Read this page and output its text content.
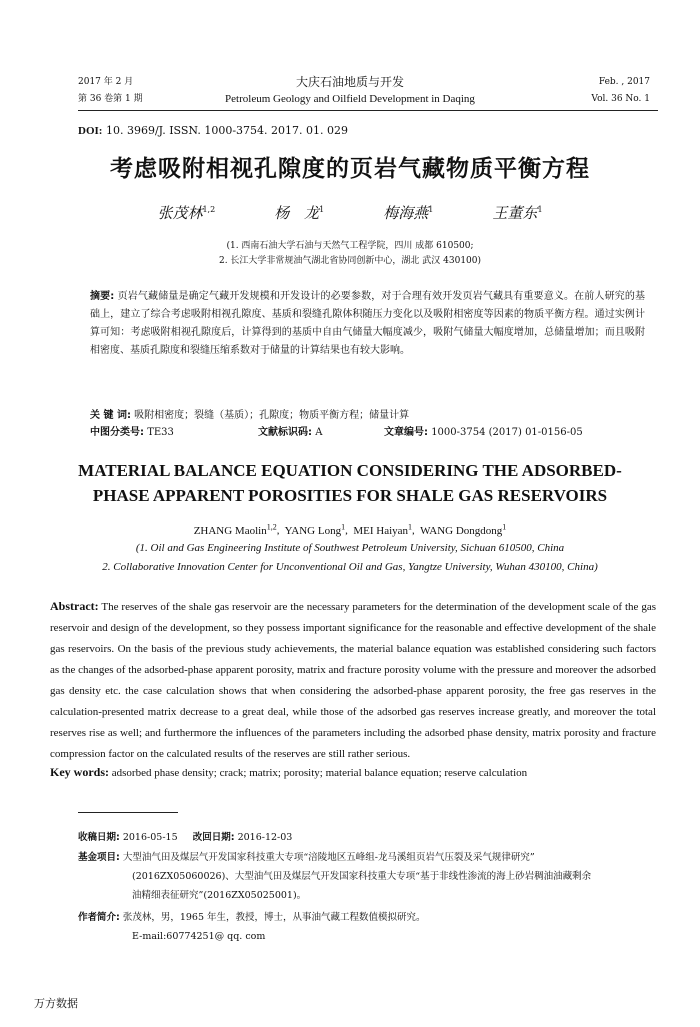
2017 年 2 月
第 36 卷第 1 期
大庆石油地质与开发
Petroleum Geology and Oilfield Development in Daqing
Feb. , 2017
Vol. 36 No. 1
DOI: 10. 3969/J. ISSN. 1000-3754. 2017. 01. 029
考虑吸附相视孔隙度的页岩气藏物质平衡方程
张茂林$^{1,2}$	杨 龙$^1$	梅海燕$^1$	王董东$^1$
(1. 西南石油大学石油与天然气工程学院，四川 成都 610500;
2. 长江大学非常规油气湖北省协同创新中心，湖北 武汉 430100)
摘要: 页岩气藏储量是确定气藏开发规模和开发设计的必要参数，对于合理有效开发页岩气藏具有重要意义。在前人研究的基础上，建立了综合考虑吸附相视孔隙度、基质和裂缝孔隙体积随压力变化以及吸附相密度等因素的物质平衡方程。通过实例计算可知：考虑吸附相视孔隙度后，计算得到的基质中自由气储量大幅度减少，吸附气储量大幅度增加，总储量增加；而且吸附相密度、基质孔隙度和裂缝压缩系数对于储量的计算结果也有较大影响。
关 键 词: 吸附相密度；裂缝（基质）；孔隙度；物质平衡方程；储量计算
中图分类号: TE33	文献标识码: A	文章编号: 1000-3754 (2017) 01-0156-05
MATERIAL BALANCE EQUATION CONSIDERING THE ADSORBED-
PHASE APPARENT POROSITIES FOR SHALE GAS RESERVOIRS
ZHANG Maolin$^{1,2}$,  YANG Long$^1$,  MEI Haiyan$^1$,  WANG Dongdong$^1$
(1. Oil and Gas Engineering Institute of Southwest Petroleum University, Sichuan 610500, China
2. Collaborative Innovation Center for Unconventional Oil and Gas, Yangtze University, Wuhan 430100, China)
Abstract: The reserves of the shale gas reservoir are the necessary parameters for the determination of the development scale of the gas reservoir and design of the development, so they possess important significance for the reasonable and effective development of the shale gas reservoirs. On the basis of the previous study achievements, the material balance equation was established considering such factors as the changes of the adsorbed-phase apparent porosity, matrix and fracture porosity volume with the pressure and moreover the adsorbed gas density etc. the case calculation shows that when considering the adsorbed-phase apparent porosity, the free gas reserves in the calculation-presented matrix decrease to a great deal, while those of the adsorbed gas reserves increase greatly, and moreover the total reserves rise as well; and furthermore the influences of the parameters including the adsorbed phase density, matrix porosity and fracture compression factor on the calculated results of the reserves are still rather serious.
Key words: adsorbed phase density; crack; matrix; porosity; material balance equation; reserve calculation
收稿日期: 2016-05-15 改回日期: 2016-12-03
基金项目: 大型油气田及煤层气开发国家科技重大专项“涪陵地区五峰组-龙马溪组页岩气压裂及采气规律研究”
(2016ZX05060026)、大型油气田及煤层气开发国家科技重大专项“基于非线性渗流的海上砂岩稠油油藏剩余
油精细表征研究”(2016ZX05025001)。
作者简介: 张茂林，男，1965 年生，教授，博士，从事油气藏工程数值模拟研究。
E-mail:60774251@ qq. com
万方数据
